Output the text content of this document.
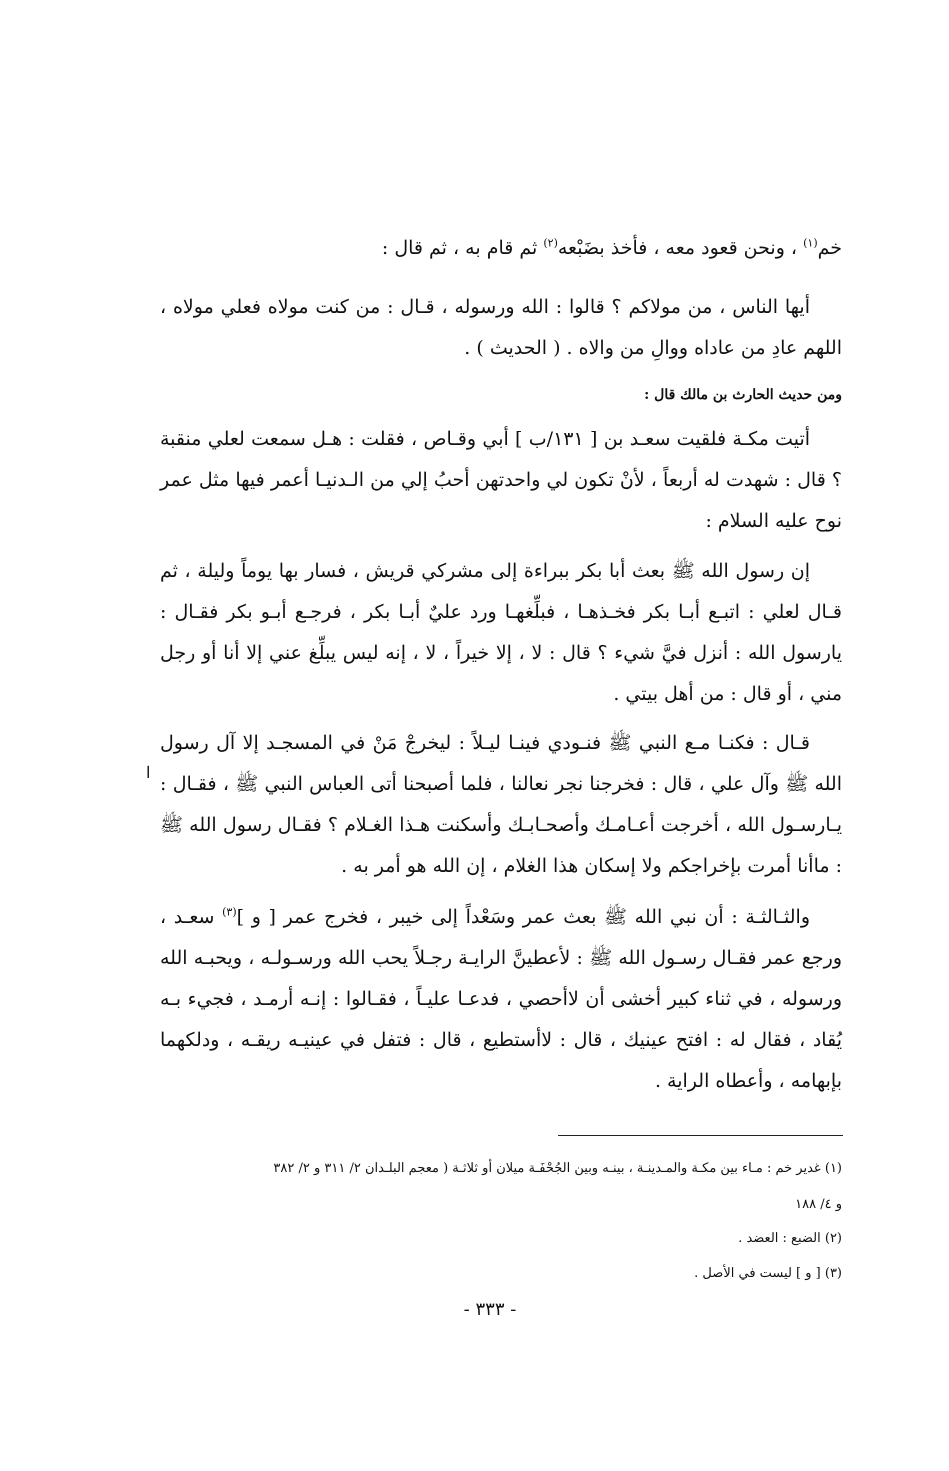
خم$^{(١)}$ ، ونحن قعود معه ، فأخذ بضَبْعه$^{(٢)}$ ثم قام به ، ثم قال :

أيها الناس ، من مولاكم ؟ قالوا : الله ورسوله ، قـال : من كنت مولاه فعلي مولاه ، اللهم عادِ من عاداه ووالِ من والاه . ( الحديث ) .

ومن حديث الحارث بن مالك قال :

أتيت مكـة فلقيت سعـد بن [ ١٣١/ب ] أبي وقـاص ، فقلت : هـل سمعت لعلي منقبة ؟ قال : شهدت له أربعاً ، لأنْ تكون لي واحدتهن أحبُ إلي من الـدنيـا أعمر فيها مثل عمر نوح عليه السلام :

إن رسول الله ﷺ بعث أبا بكر ببراءة إلى مشركي قريش ، فسار بها يوماً وليلة ، ثم قـال لعلي : اتبـع أبـا بكر فخـذهـا ، فبلِّغهـا ورد عليٌ أبـا بكر ، فرجـع أبـو بكر فقـال : يارسول الله : أنزل فيَّ شيء ؟ قال : لا ، إلا خيراً ، لا ، إنه ليس يبلِّغ عني إلا أنا أو رجل مني ، أو قال : من أهل بيتي .

قـال : فكنـا مـع النبي ﷺ فنـودي فينـا ليـلاً : ليخرجْ مَنْ في المسجـد إلا آل رسول الله ﷺ وآل علي ، قال : فخرجنا نجر نعالنا ، فلما أصبحنا أتى العباس النبي ﷺ ، فقـال : يـارسـول الله ، أخرجت أعـامـك وأصحـابـك وأسكنت هـذا الغـلام ؟ فقـال رسول الله ﷺ : ماأنا أمرت بإخراجكم ولا إسكان هذا الغلام ، إن الله هو أمر به .

ا

والثـالثـة : أن نبي الله ﷺ بعث عمر وسَعْداً إلى خيبر ، فخرج عمر [ و ]$^{(٣)}$ سعـد ، ورجع عمر فقـال رسـول الله ﷺ : لأعطينَّ الرايـة رجـلاً يحب الله ورسـولـه ، ويحبـه الله ورسوله ، في ثناء كبير أخشى أن لاأحصي ، فدعـا عليـاً ، فقـالوا : إنـه أرمـد ، فجيء بـه يُقاد ، فقال له : افتح عينيك ، قال : لاأستطيع ، قال : فتفل في عينيـه ريقـه ، ودلكهما بإبهامه ، وأعطاه الراية .

(١) غدير خم : مـاء بين مكـة والمـدينـة ، بينـه وبين الجُحْفَـة ميلان أو ثلاثـة ( معجم البلـدان ٢/ ٣١١ و ٢/ ٣٨٢

و ٤/ ١٨٨

(٢) الضبع : العضد .

(٣) [ و ] ليست في الأصل .

- ٣٣٣ -
